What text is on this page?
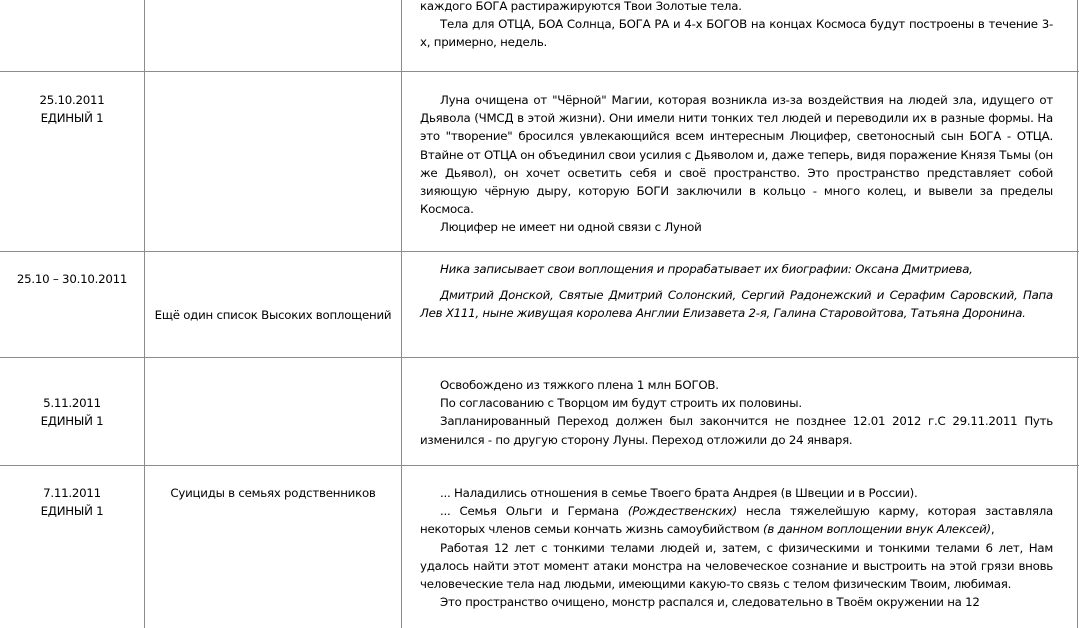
каждого БОГА растиражируются Твои Золотые тела.

Тела для ОТЦА, БОА Солнца, БОГА РА и 4-х БОГОВ на концах Космоса будут построены в течение 3-х, примерно, недель.

25.10.2011
ЕДИНЫЙ 1

Луна очищена от "Чёрной" Магии, которая возникла из-за воздействия на людей зла, идущего от Дьявола (ЧМСД в этой жизни). Они имели нити тонких тел людей и переводили их в разные формы. На это "творение" бросился увлекающийся всем интересным Люцифер, светоносный сын БОГА - ОТЦА. Втайне от ОТЦА он объединил свои усилия с Дьяволом и, даже теперь, видя поражение Князя Тьмы (он же Дьявол), он хочет осветить себя и своё пространство. Это пространство представляет собой зияющую чёрную дыру, которую БОГИ заключили в кольцо - много колец, и вывели за пределы Космоса.

Люцифер не имеет ни одной связи с Луной

25.10 – 30.10.2011
Ещё один список Высоких воплощений

Ника записывает свои воплощения и прорабатывает их биографии: Оксана Дмитриева,

Дмитрий Донской, Святые Дмитрий Солонский, Сергий Радонежский и Серафим Саровский, Папа Лев Х111, ныне живущая королева Англии Елизавета 2-я, Галина Старовойтова, Татьяна Доронина.

5.11.2011
ЕДИНЫЙ 1

Освобождено из тяжкого плена 1 млн БОГОВ.

По согласованию с Творцом им будут строить их половины.

Запланированный Переход должен был закончится не позднее 12.01 2012 г.С 29.11.2011 Путь изменился - по другую сторону Луны. Переход отложили до 24 января.

7.11.2011
ЕДИНЫЙ 1
Суициды в семьях родственников	... Наладились отношения в семье Твоего брата Андрея (в Швеции и в России).

... Семья Ольги и Германа (Рождественских) несла тяжелейшую карму, которая заставляла некоторых членов семьи кончать жизнь самоубийством (в данном воплощении внук Алексей),

Работая 12 лет с тонкими телами людей и, затем, с физическими и тонкими телами 6 лет, Нам удалось найти этот момент атаки монстра на человеческое сознание и выстроить на этой грязи вновь человеческие тела над людьми, имеющими какую-то связь с телом физическим Твоим, любимая.

Это пространство очищено, монстр распался и, следовательно в Твоём окружении на 12
